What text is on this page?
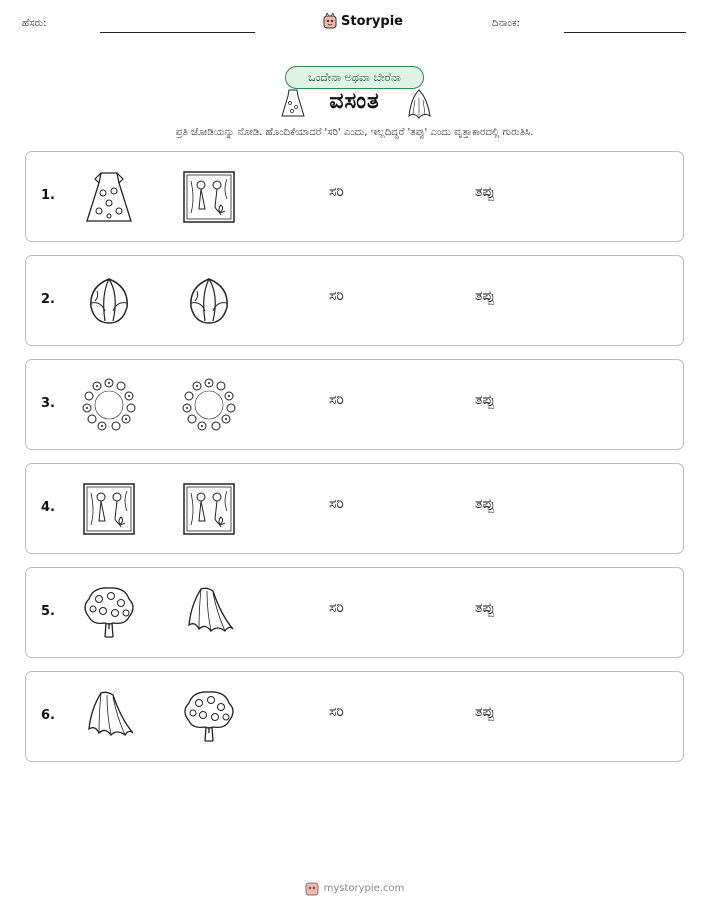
ಹೆಸರು:	Storypie	ದಿನಾಂಕ:
ಒಂದೇನಾ ಅಥವಾ ಬೇರೆನಾ
ವಸಂತ
ಪ್ರತಿ ಜೋಡಿಯನ್ನು ನೋಡಿ. ಹೊಂದಿಕೆಯಾದರೆ 'ಸರಿ' ಎಂದು, ಇಲ್ಲದಿದ್ದರೆ 'ತಪ್ಪು' ಎಂದು ವೃತ್ತಾಕಾರದಲ್ಲಿ ಗುರುತಿಸಿ.
1.	ಸರಿ	ತಪ್ಪು
2.	ಸರಿ	ತಪ್ಪು
3.	ಸರಿ	ತಪ್ಪು
4.	ಸರಿ	ತಪ್ಪು
5.	ಸರಿ	ತಪ್ಪು
6.	ಸರಿ	ತಪ್ಪು
mystorypie.com
